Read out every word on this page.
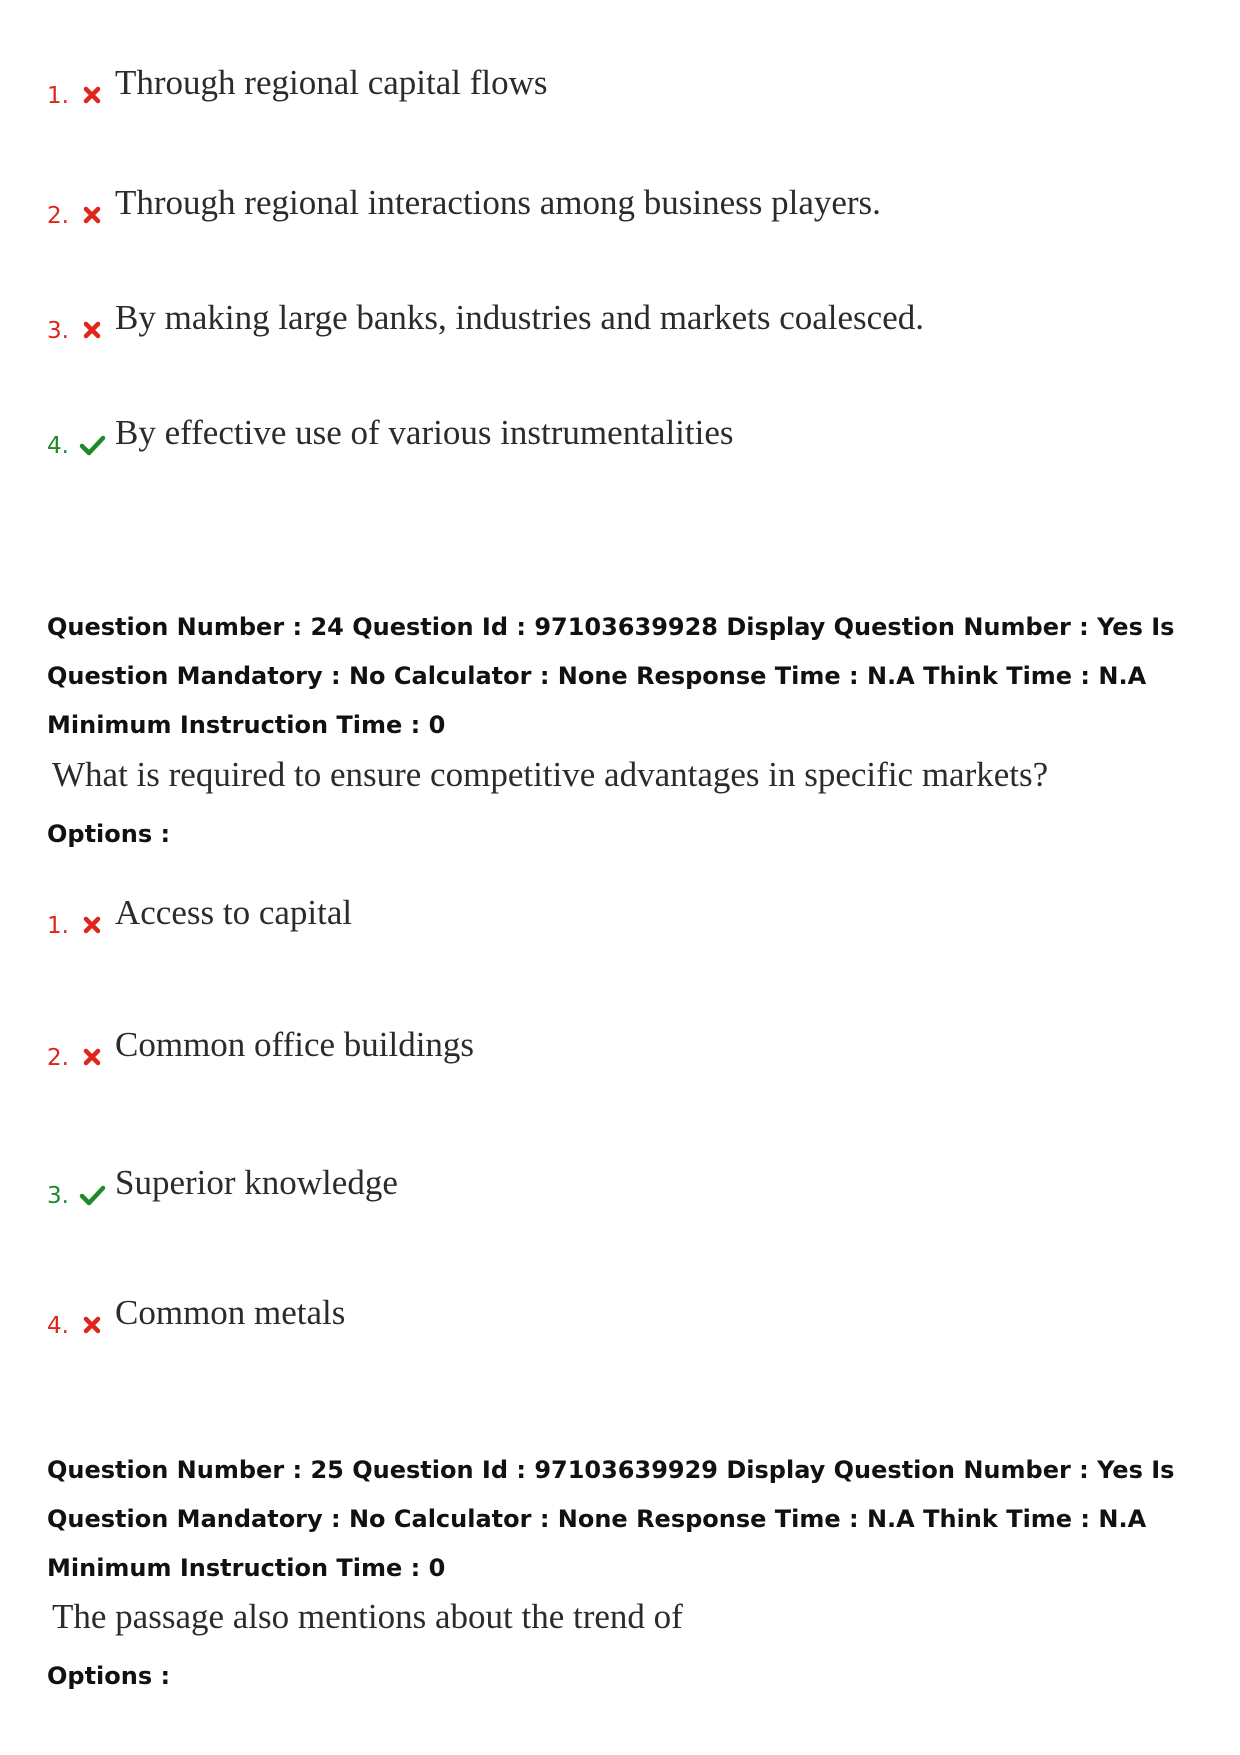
1. Through regional capital flows
2. Through regional interactions among business players.
3. By making large banks, industries and markets coalesced.
4. By effective use of various instrumentalities
Question Number : 24 Question Id : 97103639928 Display Question Number : Yes Is Question Mandatory : No Calculator : None Response Time : N.A Think Time : N.A Minimum Instruction Time : 0
What is required to ensure competitive advantages in specific markets?
Options :
1. Access to capital
2. Common office buildings
3. Superior knowledge
4. Common metals
Question Number : 25 Question Id : 97103639929 Display Question Number : Yes Is Question Mandatory : No Calculator : None Response Time : N.A Think Time : N.A Minimum Instruction Time : 0
The passage also mentions about the trend of
Options :
